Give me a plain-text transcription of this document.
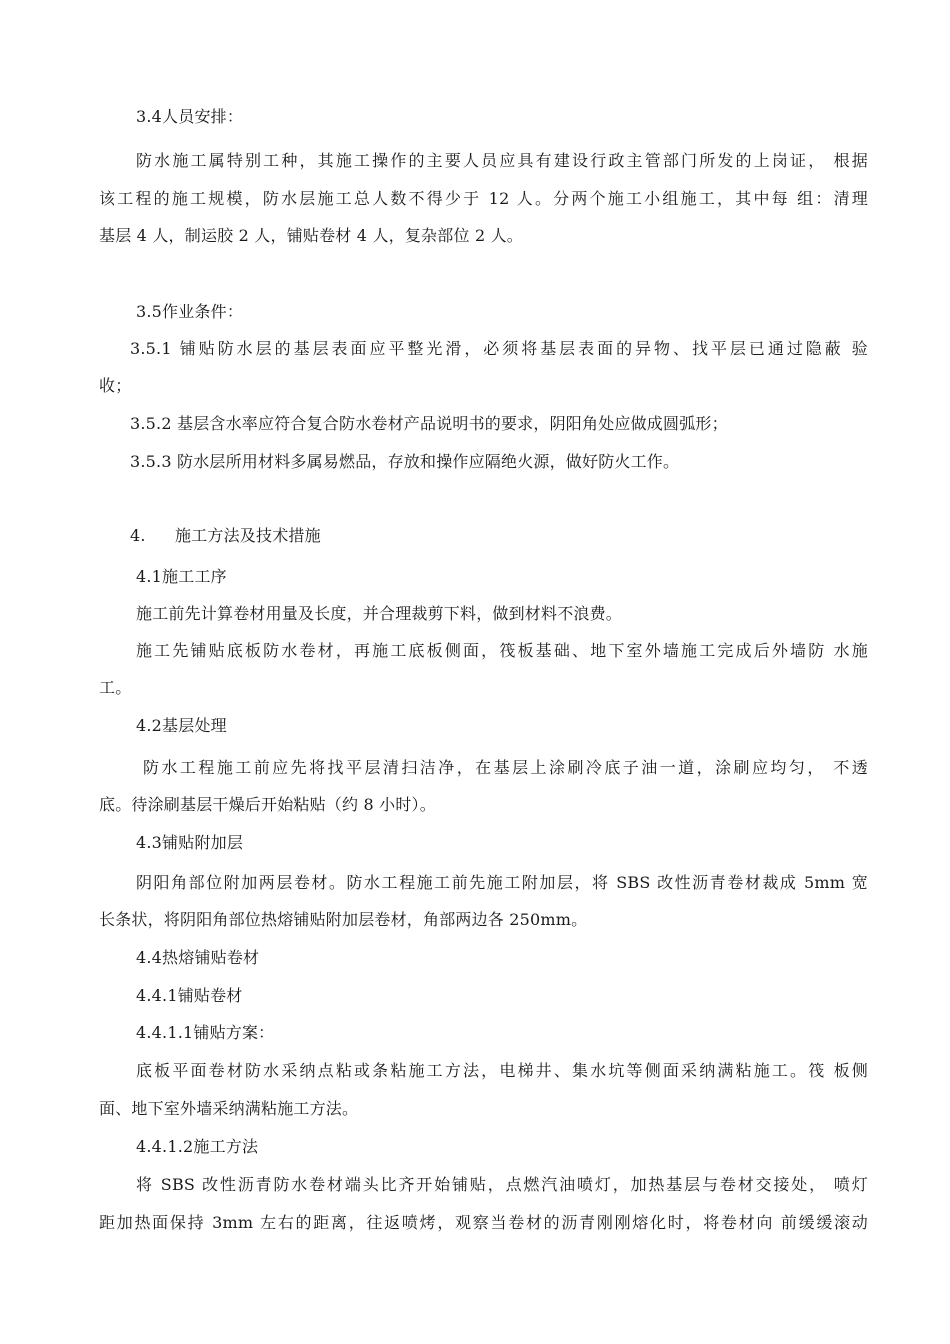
3.4人员安排：

防水施工属特别工种，其施工操作的主要人员应具有建设行政主管部门所发的上岗证， 根据

该工程的施工规模，防水层施工总人数不得少于 12 人。分两个施工小组施工，其中每 组：清理

基层 4 人，制运胶 2 人，铺贴卷材 4 人，复杂部位 2 人。

3.5作业条件：

3.5.1 铺贴防水层的基层表面应平整光滑，必须将基层表面的异物、找平层已通过隐蔽 验

收；

3.5.2 基层含水率应符合复合防水卷材产品说明书的要求，阴阳角处应做成圆弧形；

3.5.3 防水层所用材料多属易燃品，存放和操作应隔绝火源，做好防火工作。

4. 施工方法及技术措施

4.1施工工序

施工前先计算卷材用量及长度，并合理裁剪下料，做到材料不浪费。

施工先铺贴底板防水卷材，再施工底板侧面，筏板基础、地下室外墙施工完成后外墙防 水施

工。

4.2基层处理

防水工程施工前应先将找平层清扫洁净，在基层上涂刷冷底子油一道，涂刷应均匀， 不透

底。待涂刷基层干燥后开始粘贴（约 8 小时）。

4.3铺贴附加层

阴阳角部位附加两层卷材。防水工程施工前先施工附加层，将 SBS 改性沥青卷材裁成 5mm 宽

长条状，将阴阳角部位热熔铺贴附加层卷材，角部两边各 250mm。

4.4热熔铺贴卷材

4.4.1铺贴卷材

4.4.1.1铺贴方案：

底板平面卷材防水采纳点粘或条粘施工方法，电梯井、集水坑等侧面采纳满粘施工。筏 板侧

面、地下室外墙采纳满粘施工方法。

4.4.1.2施工方法

将 SBS 改性沥青防水卷材端头比齐开始铺贴，点燃汽油喷灯，加热基层与卷材交接处， 喷灯

距加热面保持 3mm 左右的距离，往返喷烤，观察当卷材的沥青刚刚熔化时，将卷材向 前缓缓滚动
